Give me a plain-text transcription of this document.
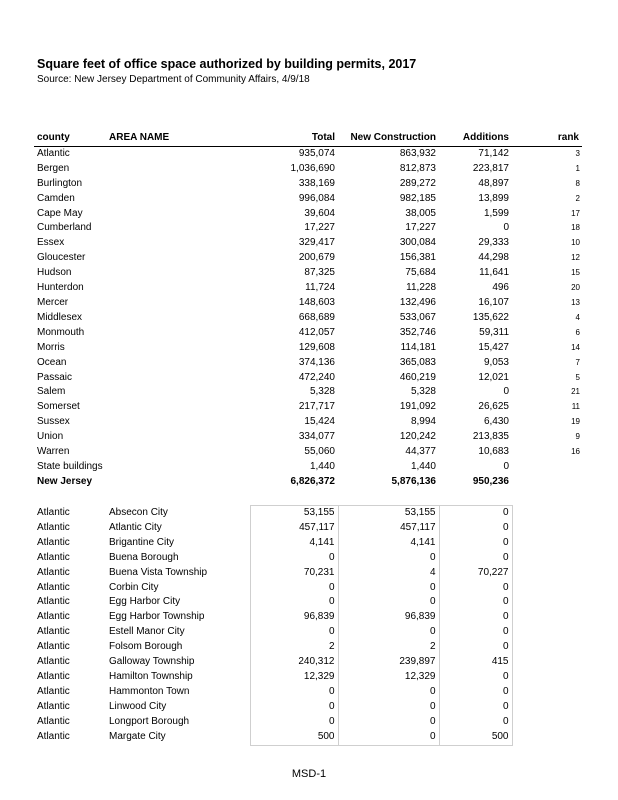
Square feet of office space authorized by building permits, 2017
Source: New Jersey Department of Community Affairs, 4/9/18
county	AREA NAME	Total	New Construction	Additions	rank
Atlantic		935,074	863,932	71,142	3
Bergen		1,036,690	812,873	223,817	1
Burlington		338,169	289,272	48,897	8
Camden		996,084	982,185	13,899	2
Cape May		39,604	38,005	1,599	17
Cumberland		17,227	17,227	0	18
Essex		329,417	300,084	29,333	10
Gloucester		200,679	156,381	44,298	12
Hudson		87,325	75,684	11,641	15
Hunterdon		11,724	11,228	496	20
Mercer		148,603	132,496	16,107	13
Middlesex		668,689	533,067	135,622	4
Monmouth		412,057	352,746	59,311	6
Morris		129,608	114,181	15,427	14
Ocean		374,136	365,083	9,053	7
Passaic		472,240	460,219	12,021	5
Salem		5,328	5,328	0	21
Somerset		217,717	191,092	26,625	11
Sussex		15,424	8,994	6,430	19
Union		334,077	120,242	213,835	9
Warren		55,060	44,377	10,683	16
State buildings		1,440	1,440	0	
New Jersey		6,826,372	5,876,136	950,236	
Atlantic	Absecon City	53,155	53,155	0
Atlantic	Atlantic City	457,117	457,117	0
Atlantic	Brigantine City	4,141	4,141	0
Atlantic	Buena Borough	0	0	0
Atlantic	Buena Vista Township	70,231	4	70,227
Atlantic	Corbin City	0	0	0
Atlantic	Egg Harbor City	0	0	0
Atlantic	Egg Harbor Township	96,839	96,839	0
Atlantic	Estell Manor City	0	0	0
Atlantic	Folsom Borough	2	2	0
Atlantic	Galloway Township	240,312	239,897	415
Atlantic	Hamilton Township	12,329	12,329	0
Atlantic	Hammonton Town	0	0	0
Atlantic	Linwood City	0	0	0
Atlantic	Longport Borough	0	0	0
Atlantic	Margate City	500	0	500
MSD-1
